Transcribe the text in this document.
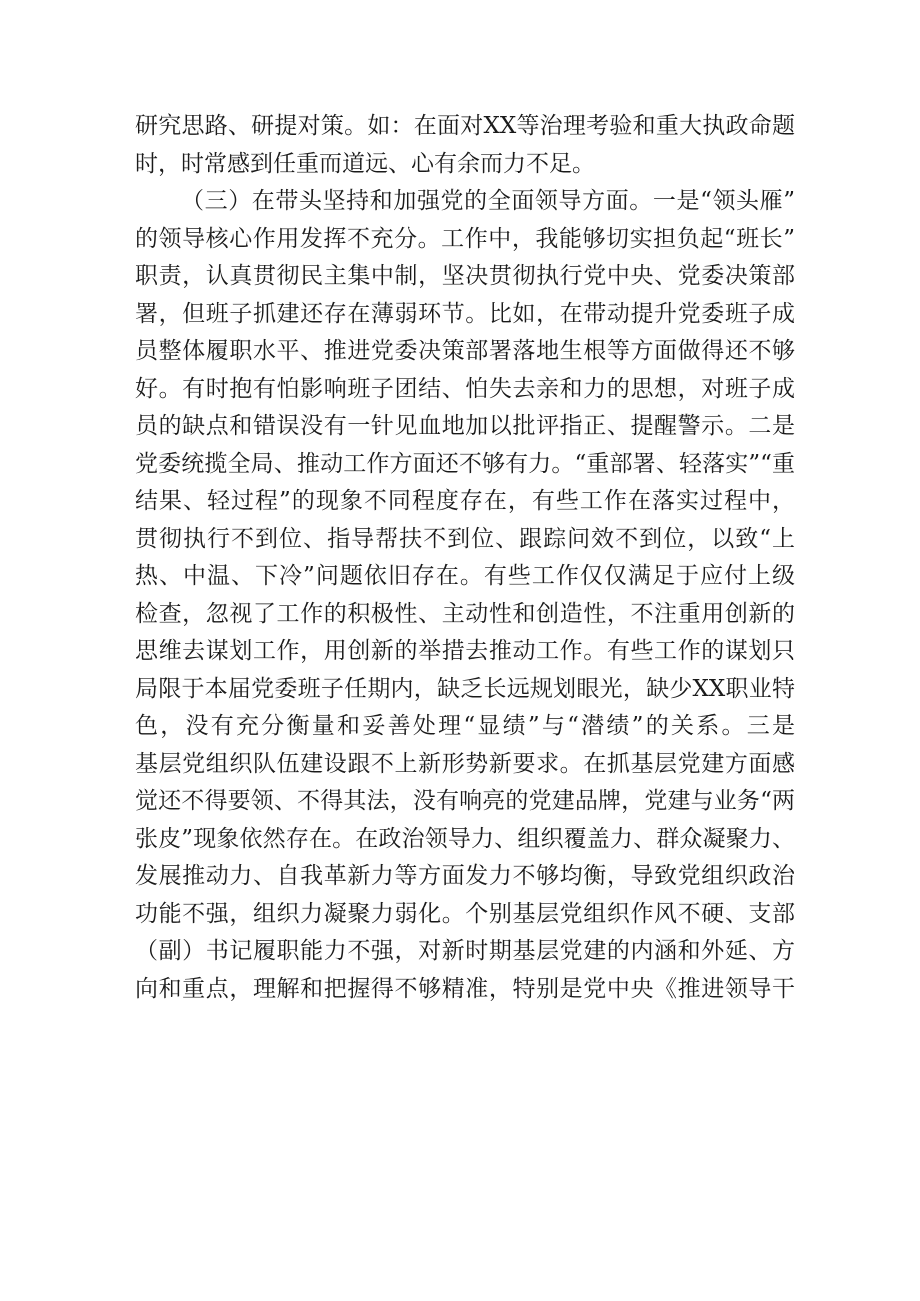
研究思路、研提对策。如：在面对XX等治理考验和重大执政命题
时，时常感到任重而道远、心有余而力不足。
（三）在带头坚持和加强党的全面领导方面。一是“领头雁”
的领导核心作用发挥不充分。工作中，我能够切实担负起“班长”
职责，认真贯彻民主集中制，坚决贯彻执行党中央、党委决策部
署，但班子抓建还存在薄弱环节。比如，在带动提升党委班子成
员整体履职水平、推进党委决策部署落地生根等方面做得还不够
好。有时抱有怕影响班子团结、怕失去亲和力的思想，对班子成
员的缺点和错误没有一针见血地加以批评指正、提醒警示。二是
党委统揽全局、推动工作方面还不够有力。“重部署、轻落实”“重
结果、轻过程”的现象不同程度存在，有些工作在落实过程中，
贯彻执行不到位、指导帮扶不到位、跟踪问效不到位，以致“上
热、中温、下冷”问题依旧存在。有些工作仅仅满足于应付上级
检查，忽视了工作的积极性、主动性和创造性，不注重用创新的
思维去谋划工作，用创新的举措去推动工作。有些工作的谋划只
局限于本届党委班子任期内，缺乏长远规划眼光，缺少XX职业特
色，没有充分衡量和妥善处理“显绩”与“潜绩”的关系。三是
基层党组织队伍建设跟不上新形势新要求。在抓基层党建方面感
觉还不得要领、不得其法，没有响亮的党建品牌，党建与业务“两
张皮”现象依然存在。在政治领导力、组织覆盖力、群众凝聚力、
发展推动力、自我革新力等方面发力不够均衡，导致党组织政治
功能不强，组织力凝聚力弱化。个别基层党组织作风不硬、支部
（副）书记履职能力不强，对新时期基层党建的内涵和外延、方
向和重点，理解和把握得不够精准，特别是党中央《推进领导干
